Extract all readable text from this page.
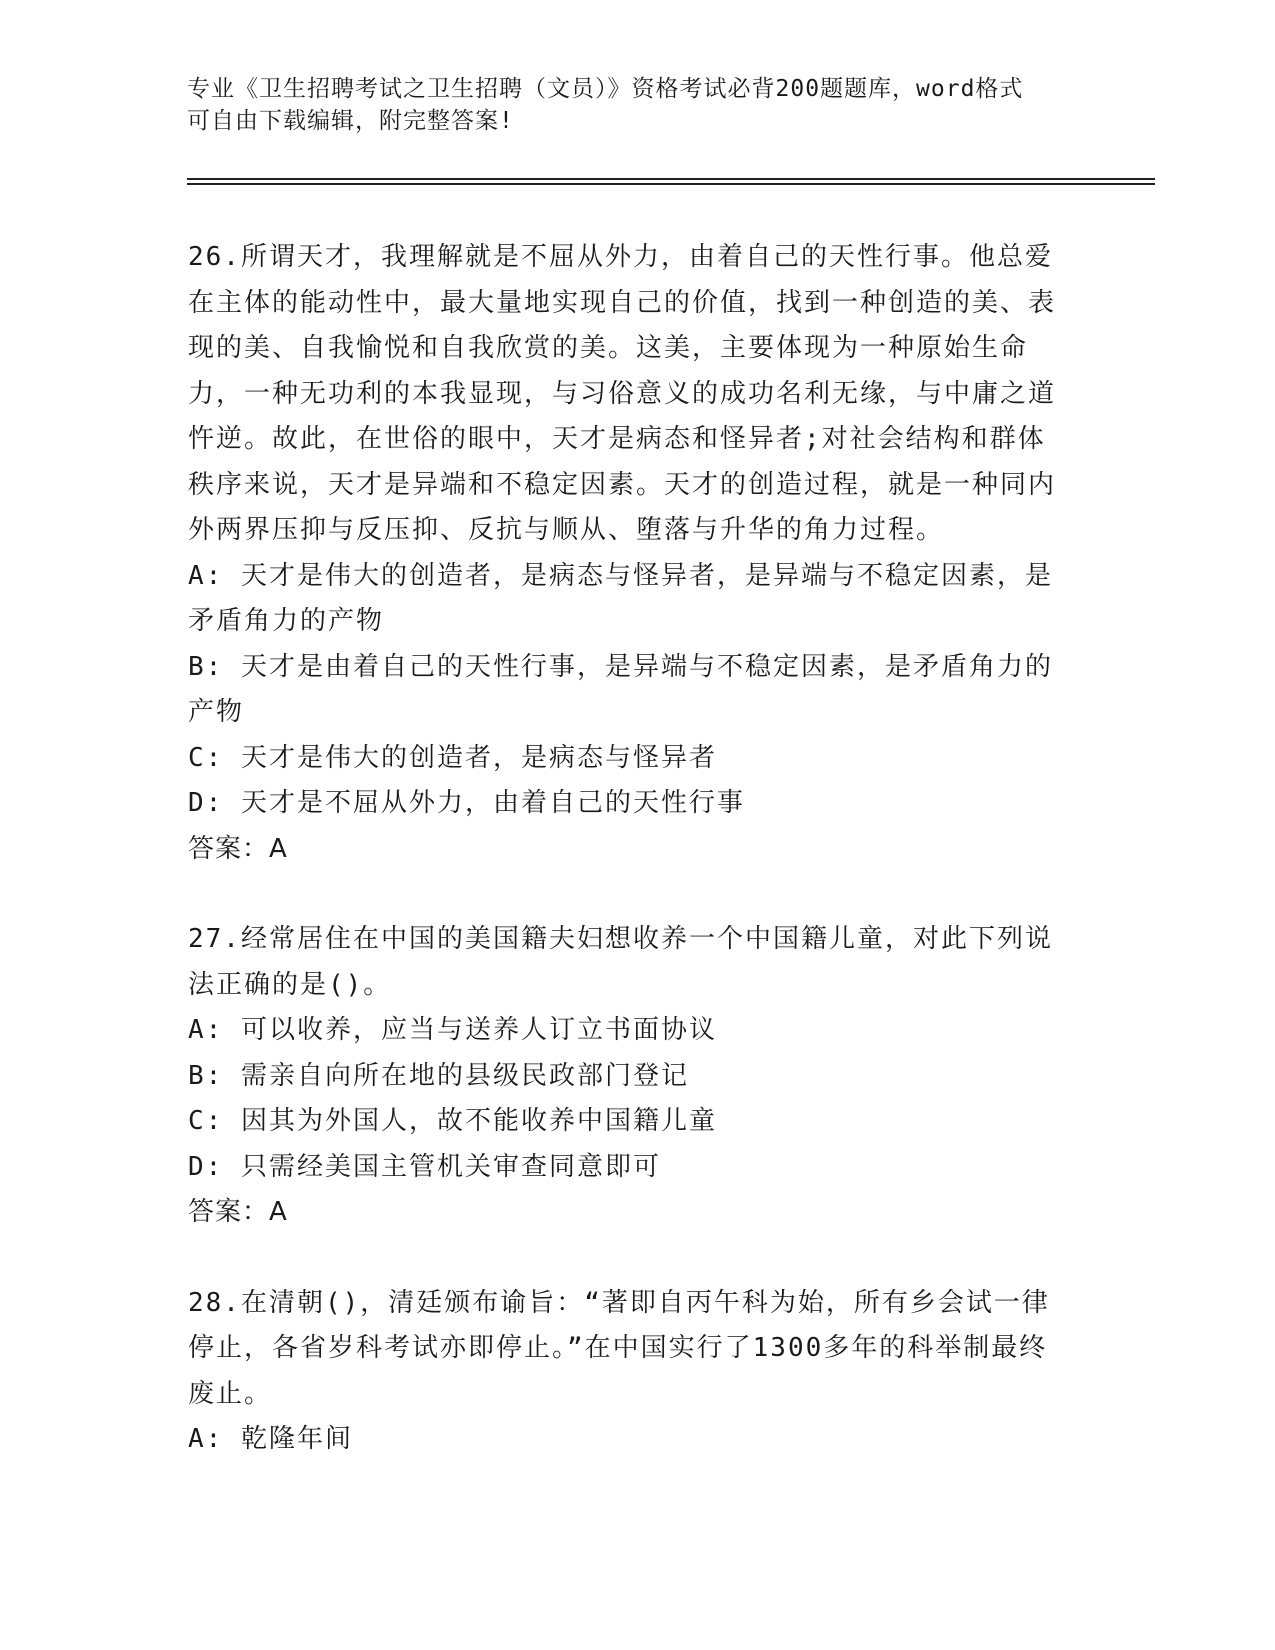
专业《卫生招聘考试之卫生招聘（文员）》资格考试必背200题题库，word格式
可自由下载编辑，附完整答案!

26.所谓天才，我理解就是不屈从外力，由着自己的天性行事。他总爱在主体的能动性中，最大量地实现自己的价值，找到一种创造的美、表现的美、自我愉悦和自我欣赏的美。这美，主要体现为一种原始生命力，一种无功利的本我显现，与习俗意义的成功名利无缘，与中庸之道忤逆。故此，在世俗的眼中，天才是病态和怪异者;对社会结构和群体秩序来说，天才是异端和不稳定因素。天才的创造过程，就是一种同内外两界压抑与反压抑、反抗与顺从、堕落与升华的角力过程。

A: 天才是伟大的创造者，是病态与怪异者，是异端与不稳定因素，是矛盾角力的产物

B: 天才是由着自己的天性行事，是异端与不稳定因素，是矛盾角力的产物

C: 天才是伟大的创造者，是病态与怪异者

D: 天才是不屈从外力，由着自己的天性行事

答案：A

27.经常居住在中国的美国籍夫妇想收养一个中国籍儿童，对此下列说法正确的是()。

A: 可以收养，应当与送养人订立书面协议

B: 需亲自向所在地的县级民政部门登记

C: 因其为外国人，故不能收养中国籍儿童

D: 只需经美国主管机关审查同意即可

答案：A

28.在清朝()，清廷颁布谕旨：“著即自丙午科为始，所有乡会试一律停止，各省岁科考试亦即停止。”在中国实行了1300多年的科举制最终废止。

A: 乾隆年间
